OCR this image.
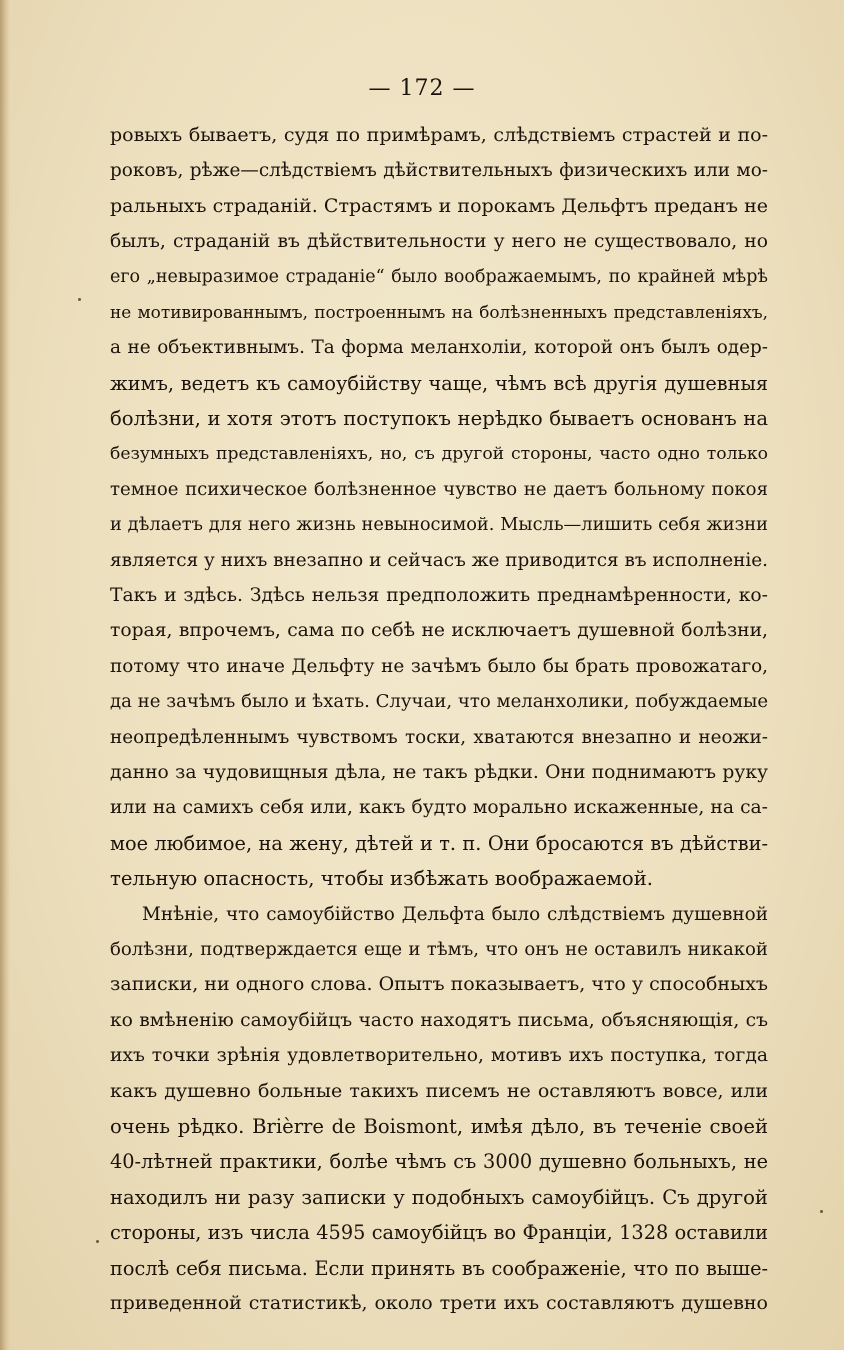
— 172 —
ровыхъ бываетъ, судя по примѣрамъ, слѣдствіемъ страстей и по-
роковъ, рѣже—слѣдствіемъ дѣйствительныхъ физическихъ или мо-
ральныхъ страданій. Страстямъ и порокамъ Дельфтъ преданъ не
былъ, страданій въ дѣйствительности у него не существовало, но
его „невыразимое страданіе“ было воображаемымъ, по крайней мѣрѣ
не мотивированнымъ, построеннымъ на болѣзненныхъ представленіяхъ,
а не объективнымъ. Та форма меланхоліи, которой онъ былъ одер-
жимъ, ведетъ къ самоубійству чаще, чѣмъ всѣ другія душевныя
болѣзни, и хотя этотъ поступокъ нерѣдко бываетъ основанъ на
безумныхъ представленіяхъ, но, съ другой стороны, часто одно только
темное психическое болѣзненное чувство не даетъ больному покоя
и дѣлаетъ для него жизнь невыносимой. Мысль—лишить себя жизни
является у нихъ внезапно и сейчасъ же приводится въ исполненіе.
Такъ и здѣсь. Здѣсь нельзя предположить преднамѣренности, ко-
торая, впрочемъ, сама по себѣ не исключаетъ душевной болѣзни,
потому что иначе Дельфту не зачѣмъ было бы брать провожатаго,
да не зачѣмъ было и ѣхать. Случаи, что меланхолики, побуждаемые
неопредѣленнымъ чувствомъ тоски, хватаются внезапно и неожи-
данно за чудовищныя дѣла, не такъ рѣдки. Они поднимаютъ руку
или на самихъ себя или, какъ будто морально искаженные, на са-
мое любимое, на жену, дѣтей и т. п. Они бросаются въ дѣйстви-
тельную опасность, чтобы избѣжать воображаемой.
Мнѣніе, что самоубійство Дельфта было слѣдствіемъ душевной
болѣзни, подтверждается еще и тѣмъ, что онъ не оставилъ никакой
записки, ни одного слова. Опытъ показываетъ, что у способныхъ
ко вмѣненію самоубійцъ часто находятъ письма, объясняющія, съ
ихъ точки зрѣнія удовлетворительно, мотивъ ихъ поступка, тогда
какъ душевно больные такихъ писемъ не оставляютъ вовсе, или
очень рѣдко. Brièrre de Boismont, имѣя дѣло, въ теченіе своей
40-лѣтней практики, болѣе чѣмъ съ 3000 душевно больныхъ, не
находилъ ни разу записки у подобныхъ самоубійцъ. Съ другой
стороны, изъ числа 4595 самоубійцъ во Франціи, 1328 оставили
послѣ себя письма. Если принять въ соображеніе, что по выше-
приведенной статистикѣ, около трети ихъ составляютъ душевно
